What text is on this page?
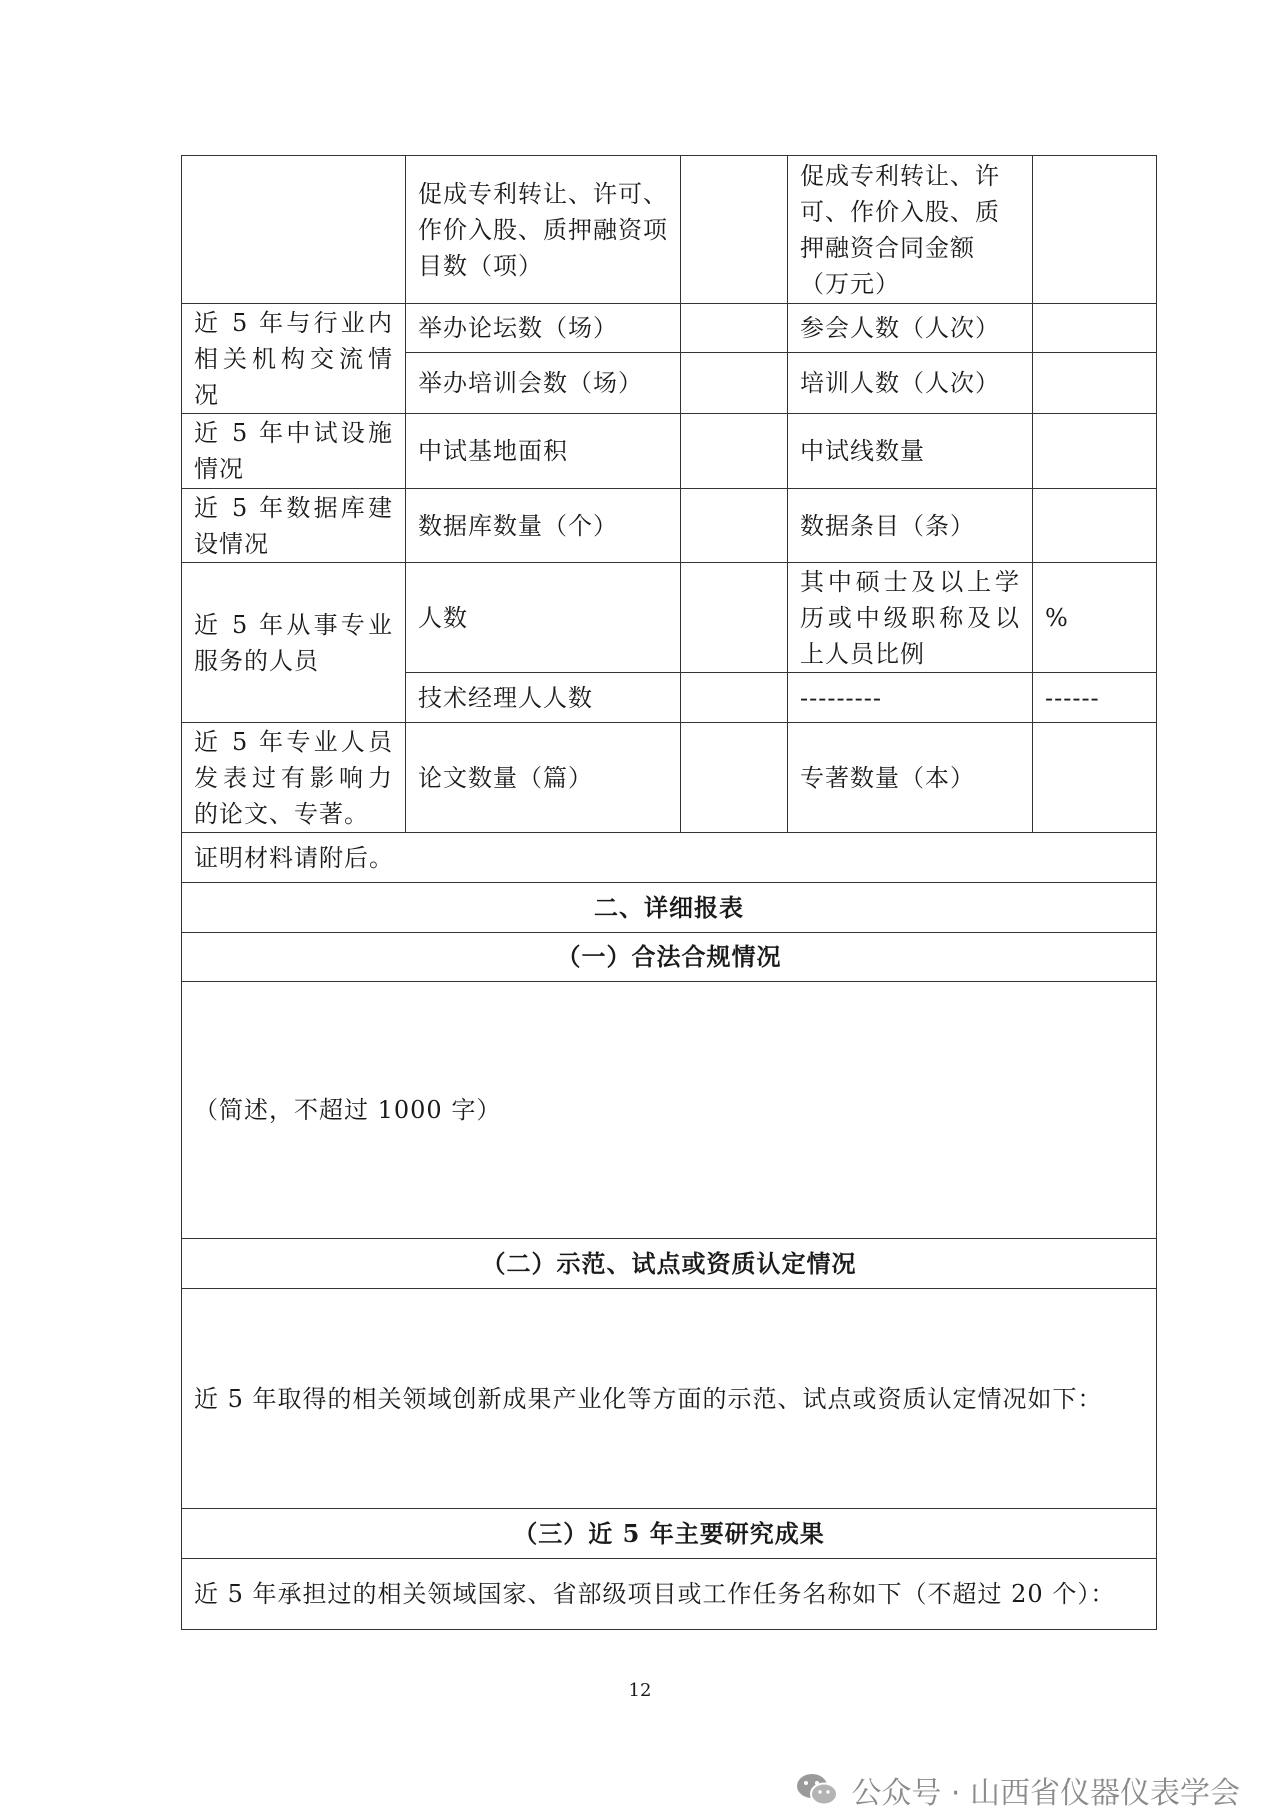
	促成专利转让、许可、作价入股、质押融资项目数（项）		促成专利转让、许可、作价入股、质押融资合同金额（万元）	
近 5 年与行业内相关机构交流情况	举办论坛数（场）		参会人数（人次）	
	举办培训会数（场）		培训人数（人次）	
近 5 年中试设施情况	中试基地面积		中试线数量	
近 5 年数据库建设情况	数据库数量（个）		数据条目（条）	
近 5 年从事专业服务的人员	人数		其中硕士及以上学历或中级职称及以上人员比例	%
	技术经理人人数		---------	------
近 5 年专业人员发表过有影响力的论文、专著。	论文数量（篇）		专著数量（本）	
证明材料请附后。				
二、详细报表				
（一）合法合规情况				
（简述，不超过 1000 字）				
（二）示范、试点或资质认定情况				
近 5 年取得的相关领域创新成果产业化等方面的示范、试点或资质认定情况如下：				
（三）近 5 年主要研究成果				
近 5 年承担过的相关领域国家、省部级项目或工作任务名称如下（不超过 20 个）：				
12
公众号 · 山西省仪器仪表学会
